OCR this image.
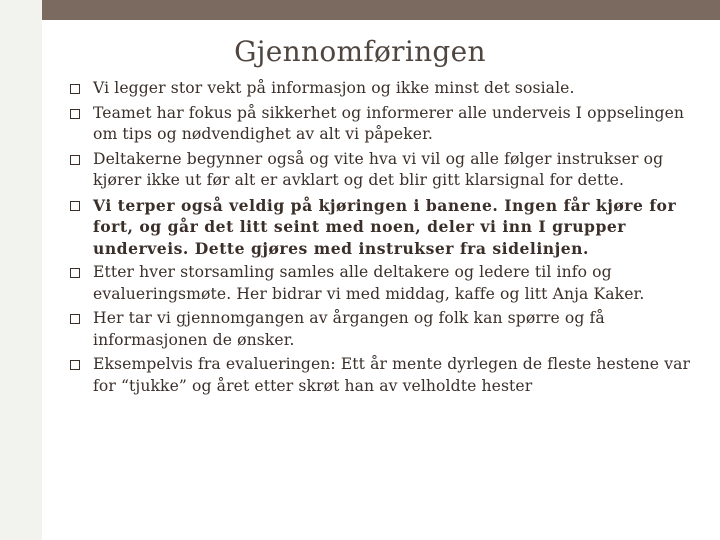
Gjennomføringen
Vi legger stor vekt på informasjon og ikke minst det sosiale.
Teamet har fokus på sikkerhet og informerer alle underveis I oppselingen om tips og nødvendighet av alt vi påpeker.
Deltakerne begynner også og vite hva vi vil og alle følger instrukser og kjører ikke ut før alt er avklart og det blir gitt klarsignal for dette.
Vi terper også veldig på kjøringen i banene. Ingen får kjøre for fort, og går det litt seint med noen, deler vi inn I grupper underveis. Dette gjøres med instrukser fra sidelinjen.
Etter hver storsamling samles alle deltakere og ledere til info og evalueringsmøte. Her bidrar vi med middag, kaffe og litt Anja Kaker.
Her tar vi gjennomgangen av årgangen og folk kan spørre og få informasjonen de ønsker.
Eksempelvis fra evalueringen: Ett år mente dyrlegen de fleste hestene var for “tjukke” og året etter skrøt han av velholdte hester
